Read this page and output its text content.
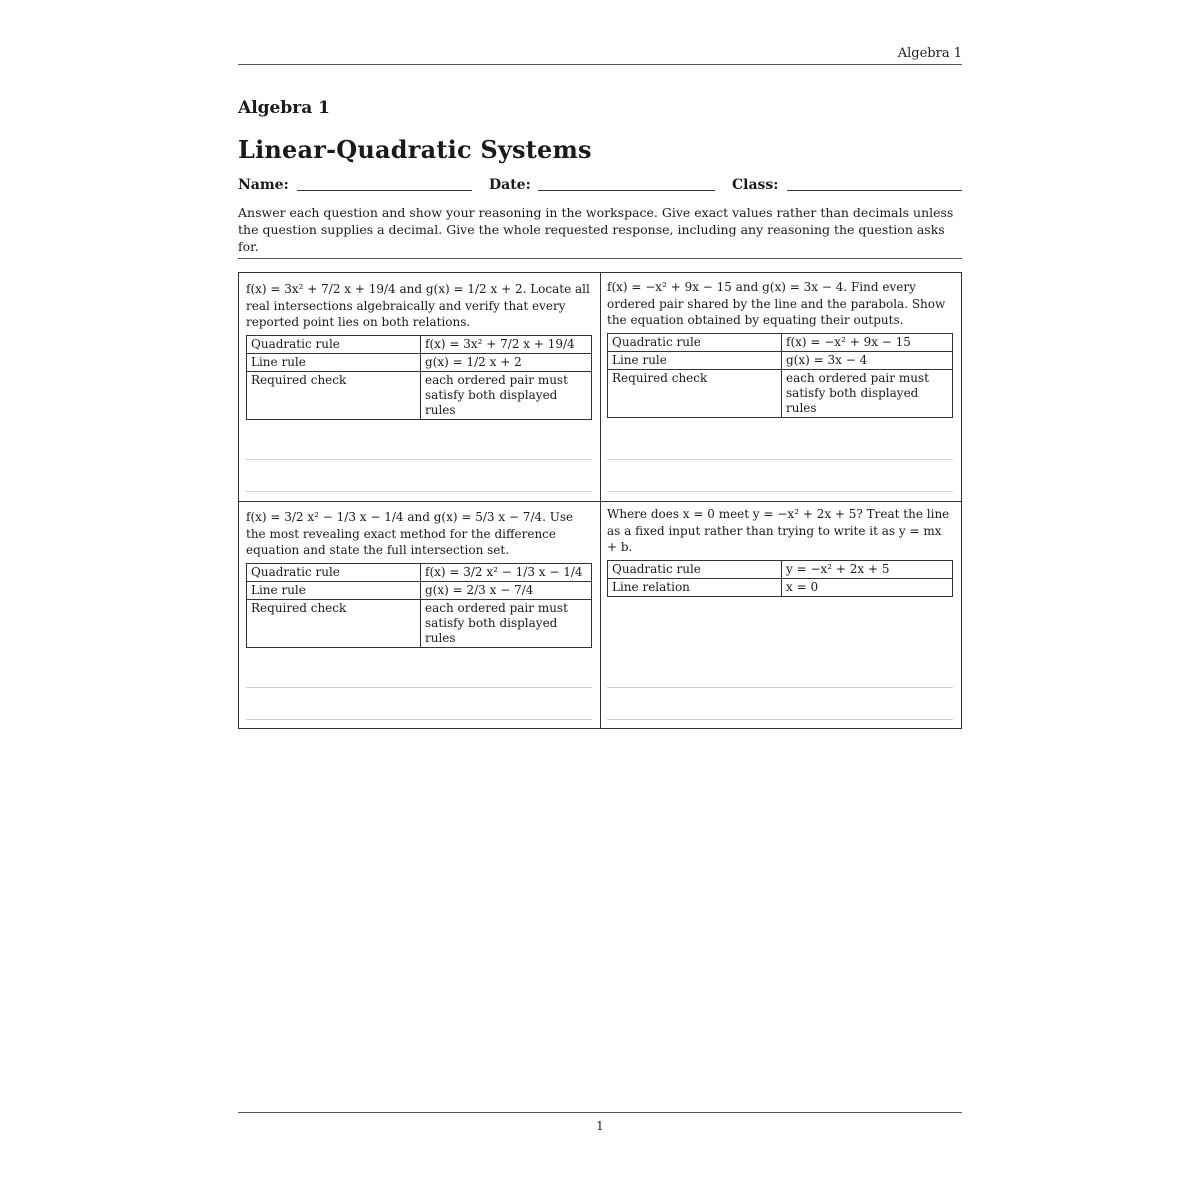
Algebra 1
Algebra 1
Linear-Quadratic Systems
Name:	Date:	Class:
Answer each question and show your reasoning in the workspace. Give exact values rather than decimals unless the question supplies a decimal. Give the whole requested response, including any reasoning the question asks for.
f(x) = 3x² + 7/2 x + 19/4 and g(x) = 1/2 x + 2. Locate all real intersections algebraically and verify that every reported point lies on both relations.
Quadratic rule	f(x) = 3x² + 7/2 x + 19/4
Line rule	g(x) = 1/2 x + 2
Required check	each ordered pair must satisfy both displayed rules
f(x) = −x² + 9x − 15 and g(x) = 3x − 4. Find every ordered pair shared by the line and the parabola. Show the equation obtained by equating their outputs.
Quadratic rule	f(x) = −x² + 9x − 15
Line rule	g(x) = 3x − 4
Required check	each ordered pair must satisfy both displayed rules
f(x) = 3/2 x² − 1/3 x − 1/4 and g(x) = 5/3 x − 7/4. Use the most revealing exact method for the difference equation and state the full intersection set.
Quadratic rule	f(x) = 3/2 x² − 1/3 x − 1/4
Line rule	g(x) = 2/3 x − 7/4
Required check	each ordered pair must satisfy both displayed rules
Where does x = 0 meet y = −x² + 2x + 5? Treat the line as a fixed input rather than trying to write it as y = mx + b.
Quadratic rule	y = −x² + 2x + 5
Line relation	x = 0
1
